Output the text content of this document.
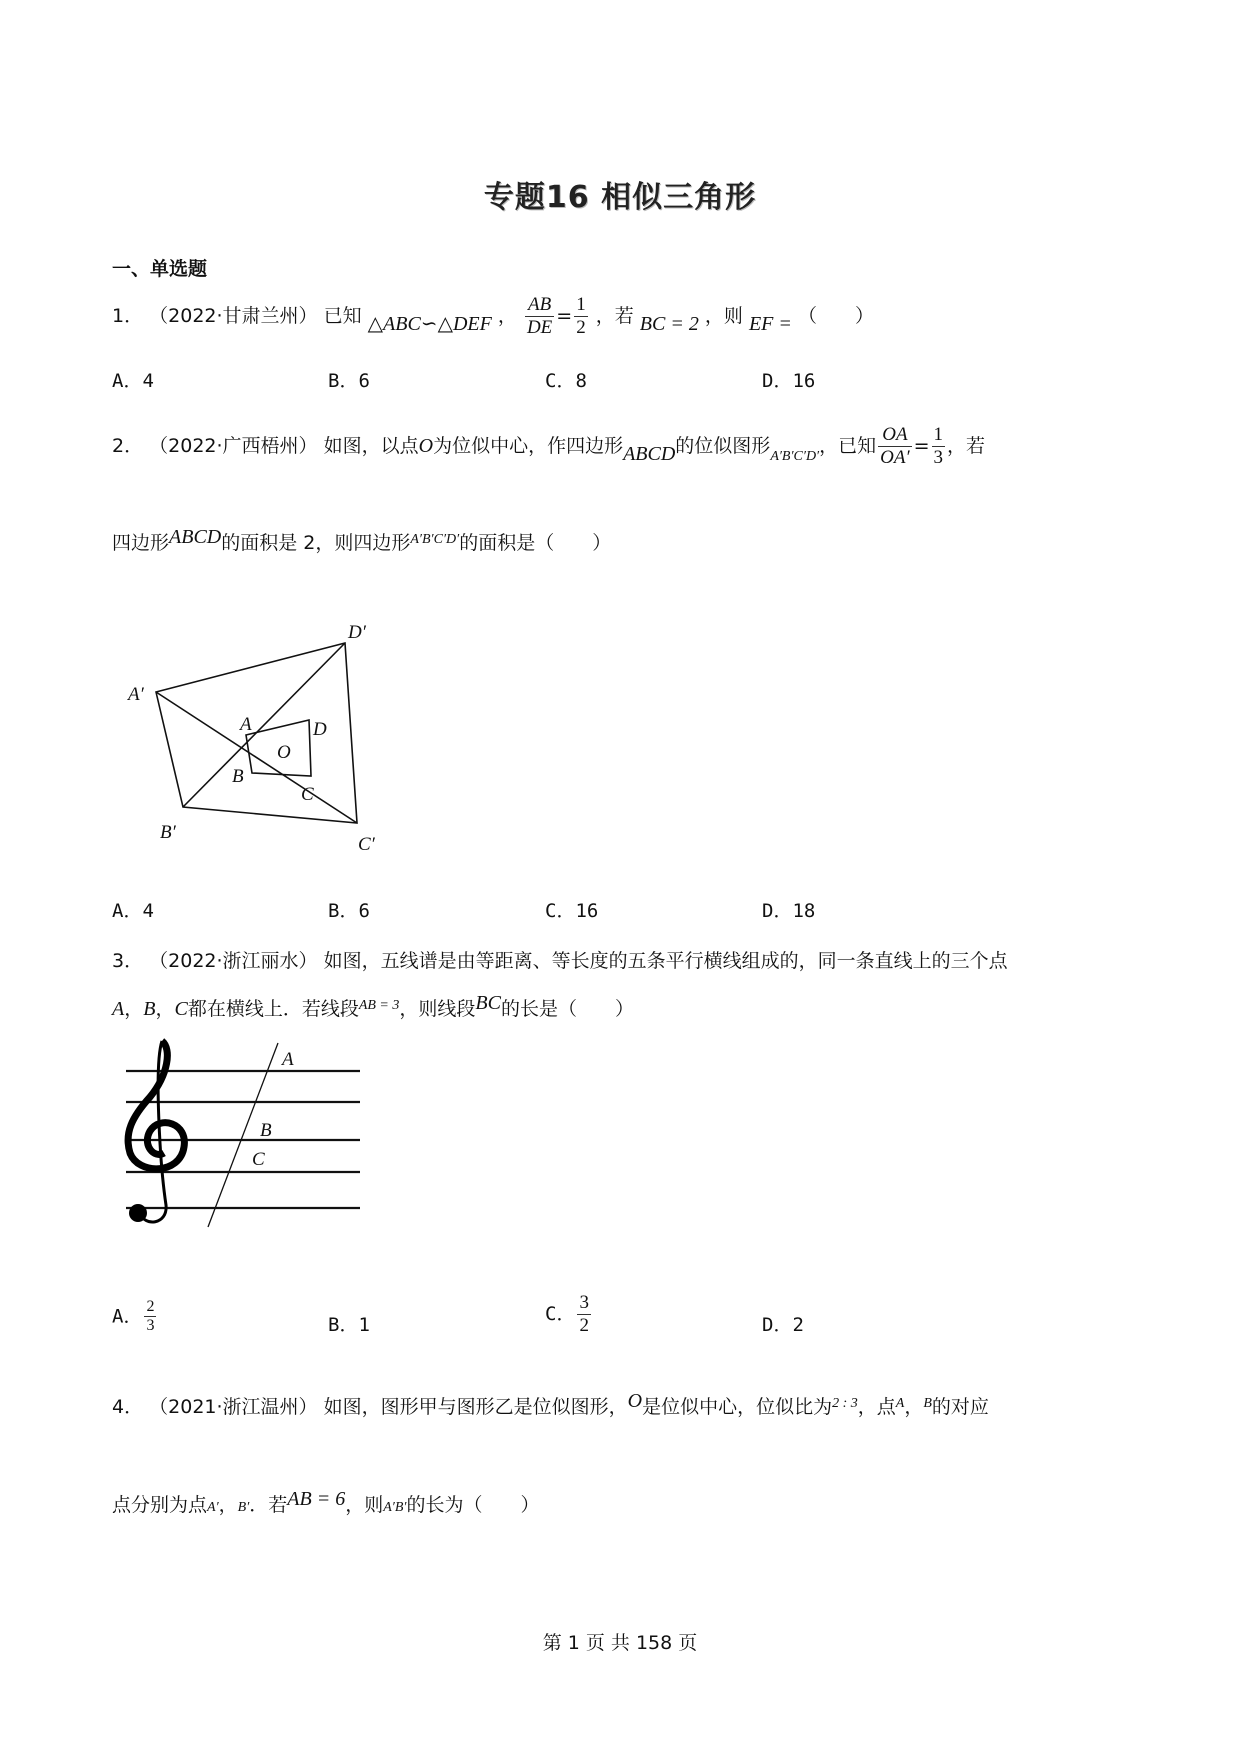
专题16 相似三角形
一、单选题
1． （2022·甘肃兰州） 已知 △ABC∽△DEF ， $\frac{AB}{DE} = \frac{1}{2}$ ，若 BC = 2 ，则 EF = （　　）
A．4	B．6	C．8	D．16
2． （2022·广西梧州） 如图，以点O为位似中心，作四边形ABCD的位似图形$_{A'B'C'D'}$，已知 $\frac{OA}{OA'} = \frac{1}{3}$ ，若
四边形ABCD的面积是 2，则四边形$^{A'B'C'D'}$的面积是（　　）
A′
B′
C′
D′
A
B
C
D
O
A．4	B．6	C．16	D．18
3． （2022·浙江丽水） 如图，五线谱是由等距离、等长度的五条平行横线组成的，同一条直线上的三个点
A，B，C都在横线上．若线段$^{AB = 3}$，则线段BC的长是（　　）
A
B
C
A． $\frac{2}{3}$	B．1
C． $\frac{3}{2}$	D．2
4． （2021·浙江温州） 如图，图形甲与图形乙是位似图形，O是位似中心，位似比为$^{2 : 3}$，点$^A$，$^B$的对应
点分别为点A′，B′．若AB = 6，则A′B′的长为（　　）
第 1 页 共 158 页
